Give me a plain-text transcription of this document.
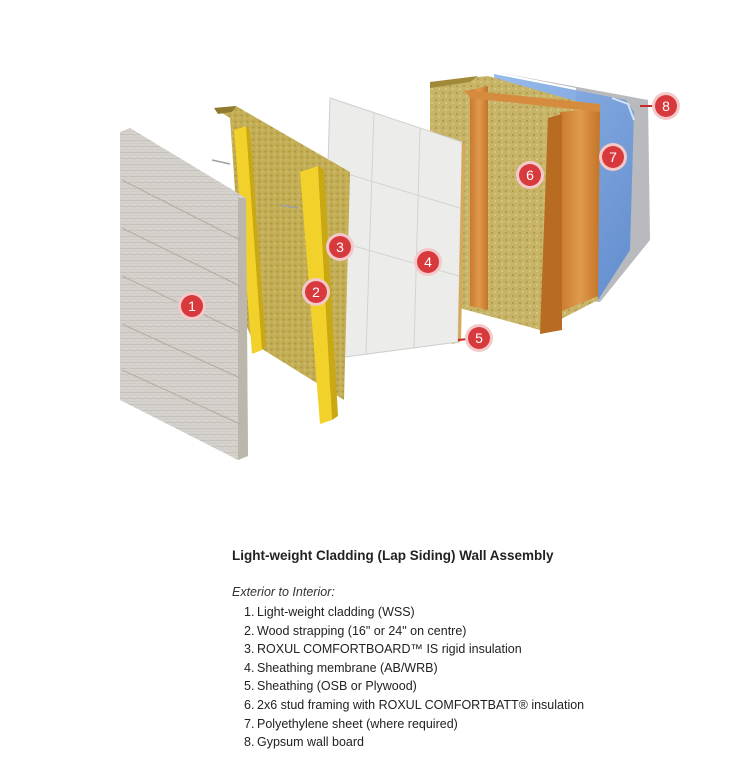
1
2
3
4
5
6
7
8
Light-weight Cladding (Lap Siding) Wall Assembly

Exterior to Interior:

1. Light-weight cladding (WSS)
2. Wood strapping (16" or 24" on centre)
3. ROXUL COMFORTBOARD™ IS rigid insulation
4. Sheathing membrane (AB/WRB)
5. Sheathing (OSB or Plywood)
6. 2x6 stud framing with ROXUL COMFORTBATT® insulation
7. Polyethylene sheet (where required)
8. Gypsum wall board
